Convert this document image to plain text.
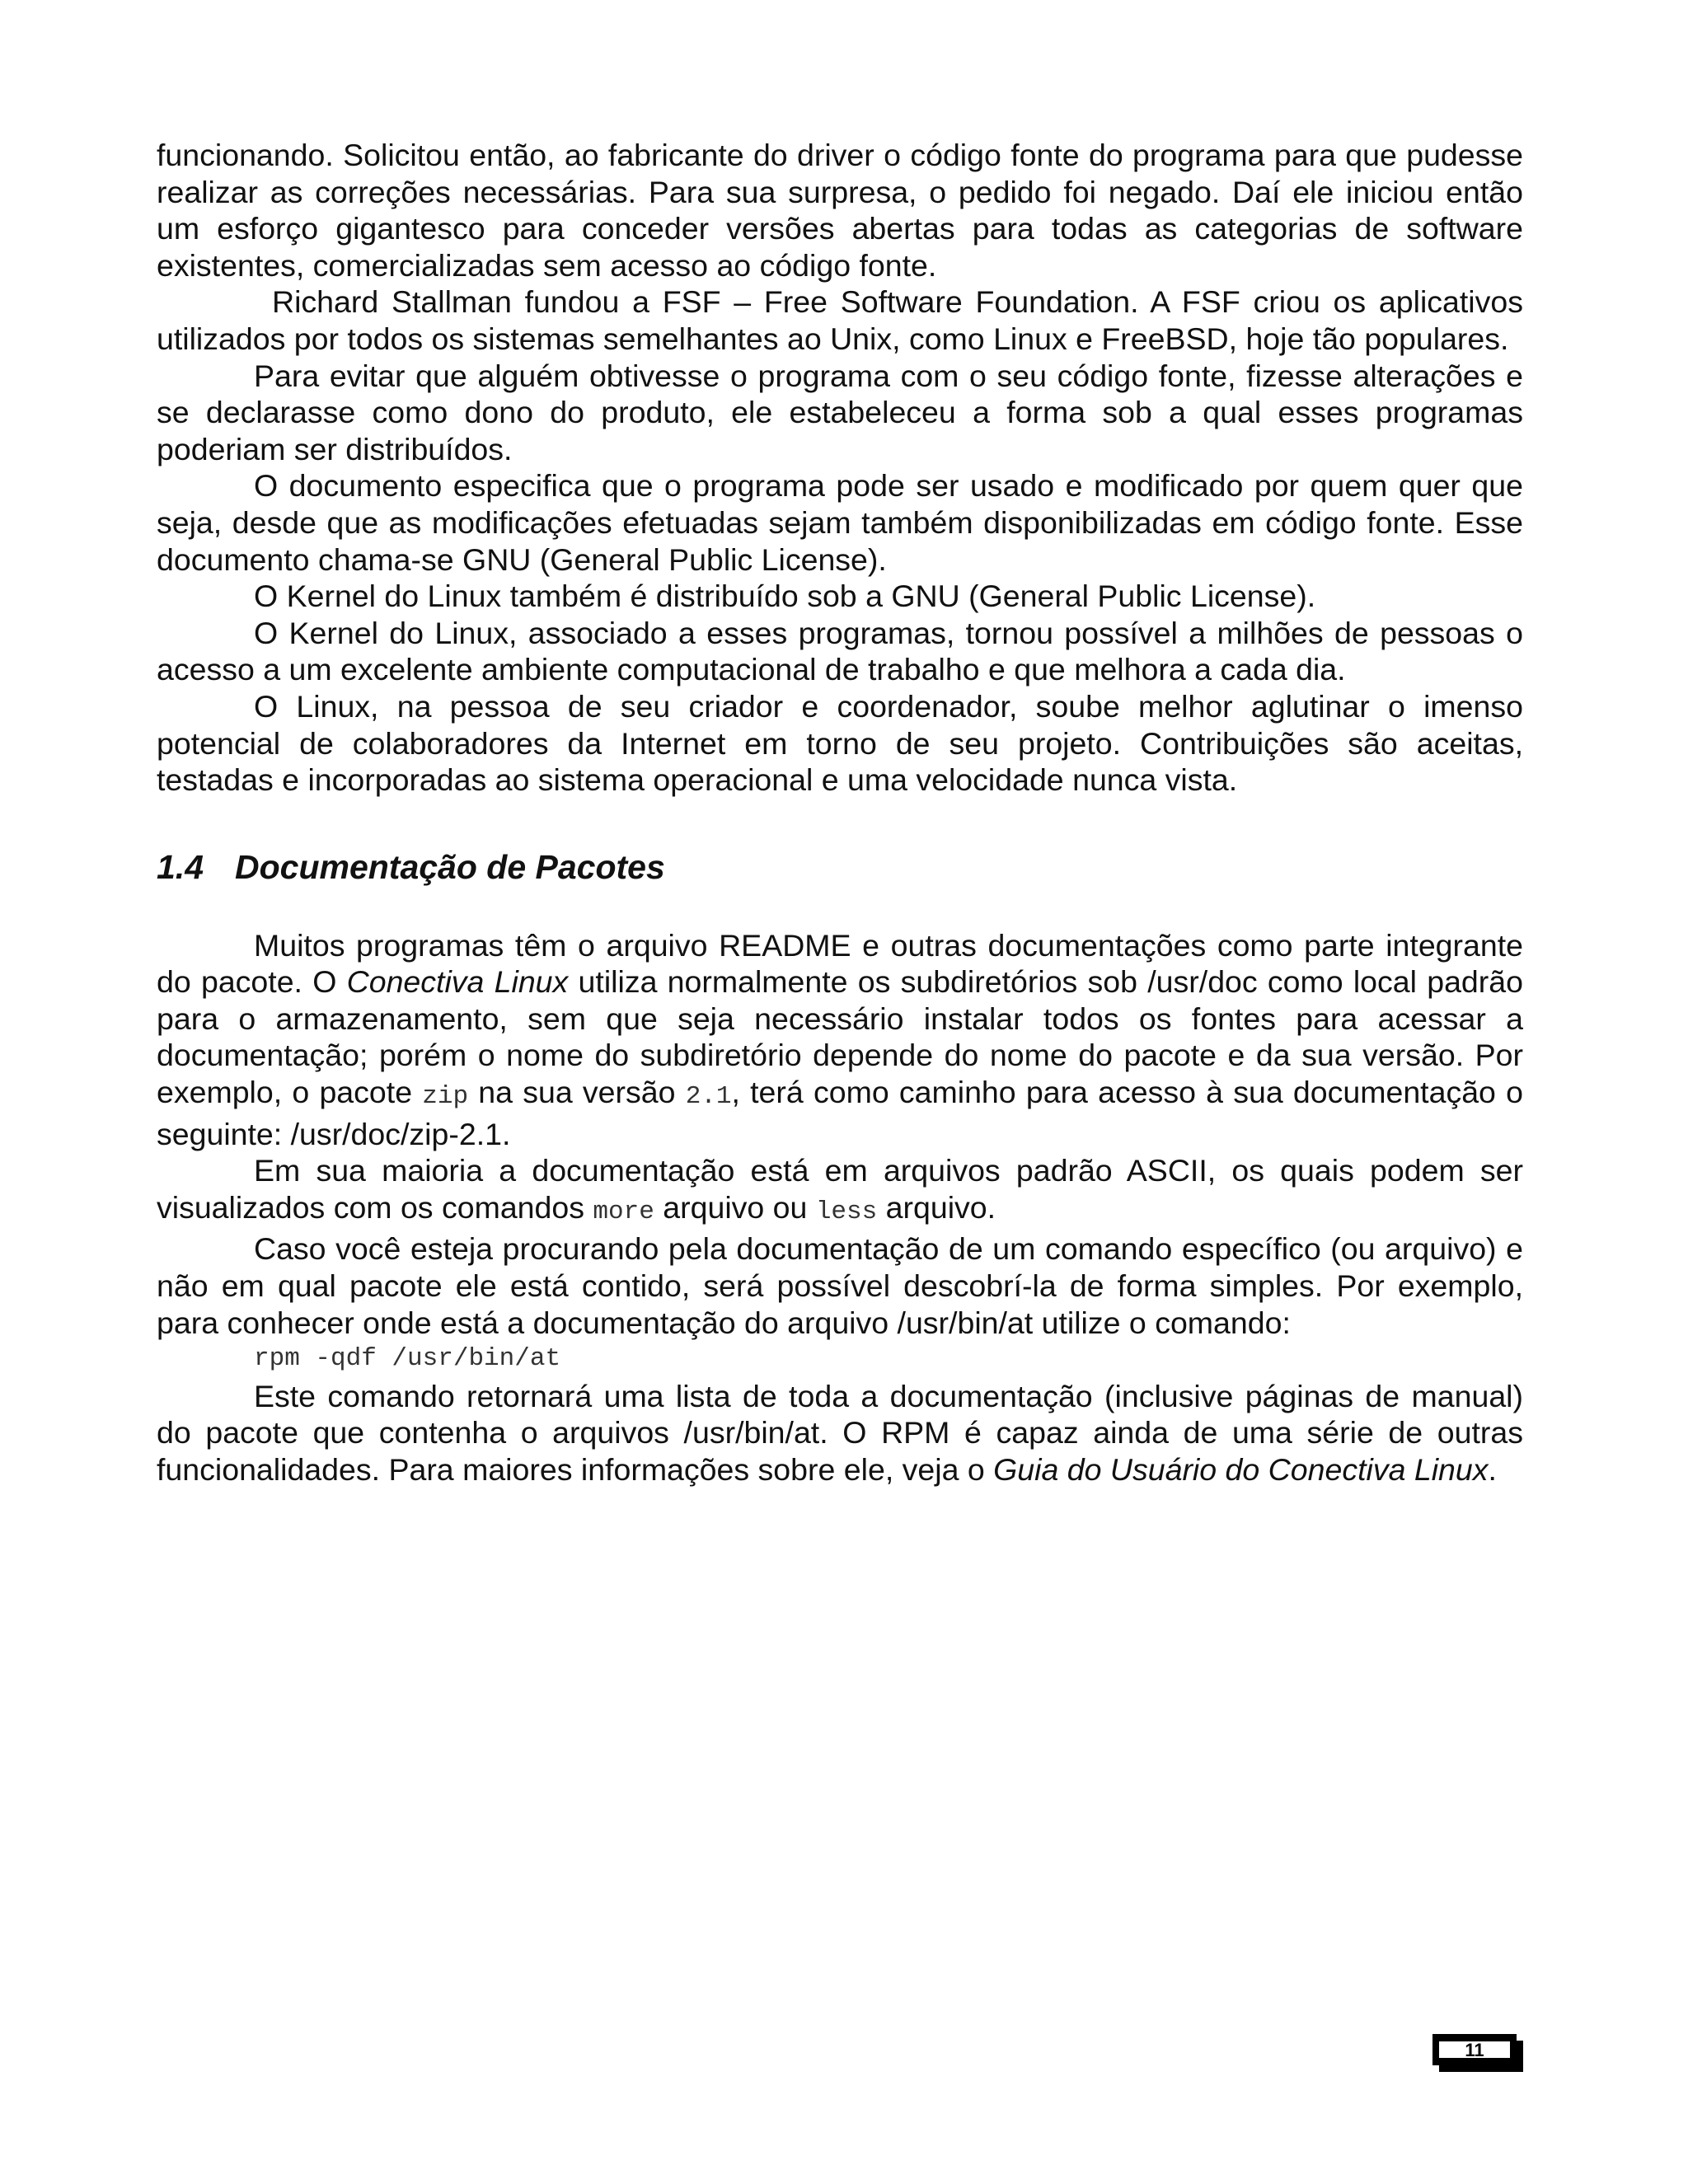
funcionando. Solicitou então, ao fabricante do driver o código fonte do programa para que pudesse realizar as correções necessárias. Para sua surpresa, o pedido foi negado. Daí ele iniciou então um esforço gigantesco para conceder versões abertas para todas as categorias de software existentes, comercializadas sem acesso ao código fonte.

Richard Stallman fundou a FSF – Free Software Foundation. A FSF criou os aplicativos utilizados por todos os sistemas semelhantes ao Unix, como Linux e FreeBSD, hoje tão populares.

Para evitar que alguém obtivesse o programa com o seu código fonte, fizesse alterações e se declarasse como dono do produto, ele estabeleceu a forma sob a qual esses programas poderiam ser distribuídos.

O documento especifica que o programa pode ser usado e modificado por quem quer que seja, desde que as modificações efetuadas sejam também disponibilizadas em código fonte. Esse documento chama-se GNU (General Public License).

O Kernel do Linux também é distribuído sob a GNU (General Public License).

O Kernel do Linux, associado a esses programas, tornou possível a milhões de pessoas o acesso a um excelente ambiente computacional de trabalho e que melhora a cada dia.

O Linux, na pessoa de seu criador e coordenador, soube melhor aglutinar o imenso potencial de colaboradores da Internet em torno de seu projeto. Contribuições são aceitas, testadas e incorporadas ao sistema operacional e uma velocidade nunca vista.

1.4 Documentação de Pacotes

Muitos programas têm o arquivo README e outras documentações como parte integrante do pacote. O Conectiva Linux utiliza normalmente os subdiretórios sob /usr/doc como local padrão para o armazenamento, sem que seja necessário instalar todos os fontes para acessar a documentação; porém o nome do subdiretório depende do nome do pacote e da sua versão. Por exemplo, o pacote zip na sua versão 2.1, terá como caminho para acesso à sua documentação o seguinte: /usr/doc/zip-2.1.

Em sua maioria a documentação está em arquivos padrão ASCII, os quais podem ser visualizados com os comandos more arquivo ou less arquivo.

Caso você esteja procurando pela documentação de um comando específico (ou arquivo) e não em qual pacote ele está contido, será possível descobrí-la de forma simples. Por exemplo, para conhecer onde está a documentação do arquivo /usr/bin/at utilize o comando:

rpm -qdf /usr/bin/at

Este comando retornará uma lista de toda a documentação (inclusive páginas de manual) do pacote que contenha o arquivos /usr/bin/at. O RPM é capaz ainda de uma série de outras funcionalidades. Para maiores informações sobre ele, veja o Guia do Usuário do Conectiva Linux.

11
